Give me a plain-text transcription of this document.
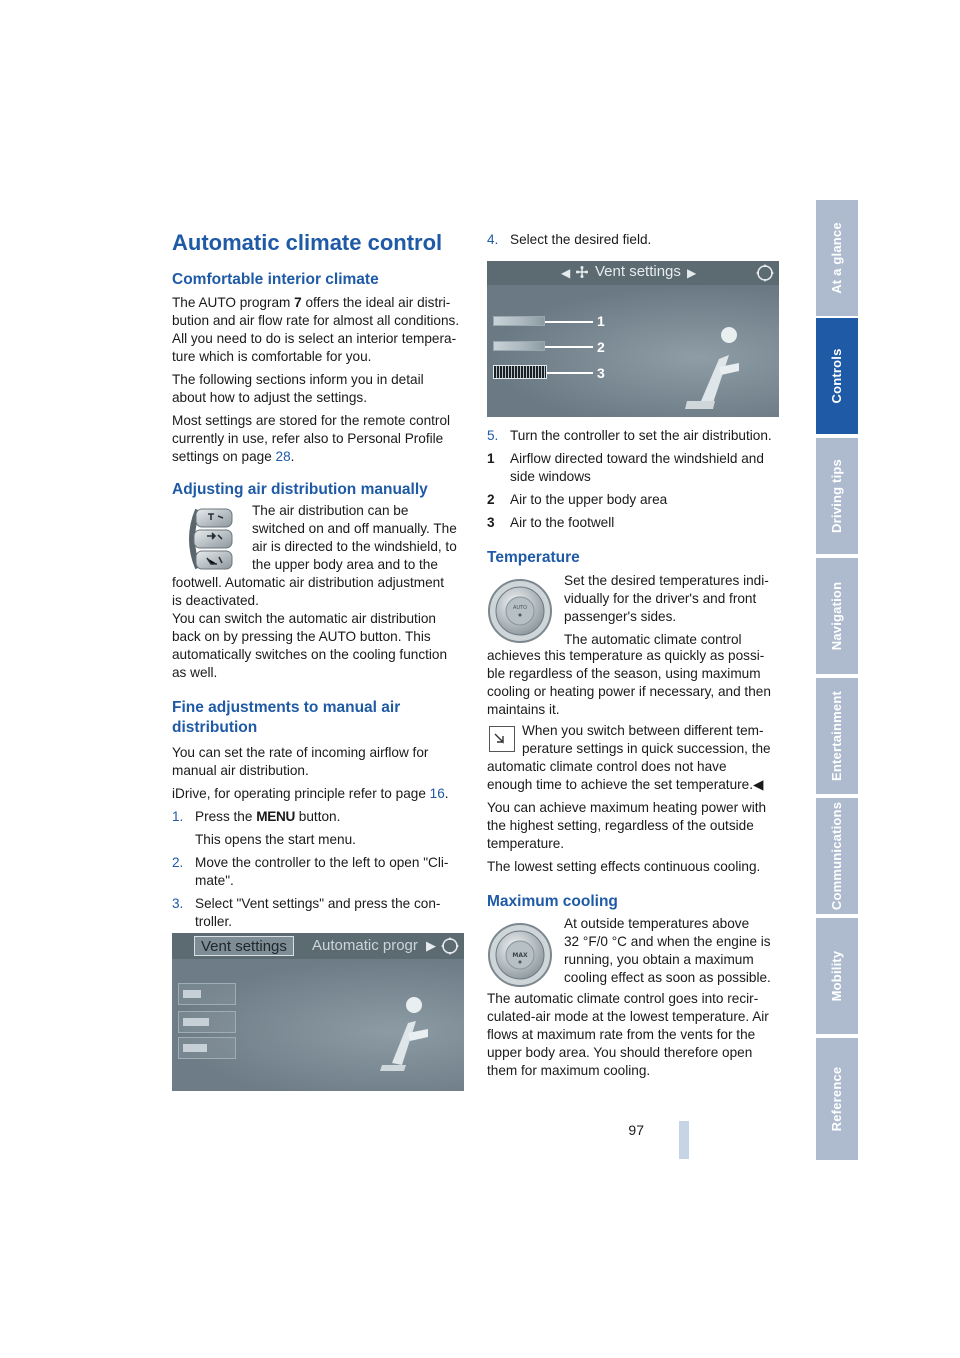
At a glance
Controls
Driving tips
Navigation
Entertainment
Communications
Mobility
Reference
97
Automatic climate control
Comfortable interior climate

The AUTO program 7 offers the ideal air distri-
bution and air flow rate for almost all conditions.
All you need to do is select an interior tempera-
ture which is comfortable for you.

The following sections inform you in detail
about how to adjust the settings.

Most settings are stored for the remote control
currently in use, refer also to Personal Profile
settings on page 28.

Adjusting air distribution manually

The air distribution can be
switched on and off manually. The
air is directed to the windshield, to
the upper body area and to the

footwell. Automatic air distribution adjustment
is deactivated.
You can switch the automatic air distribution
back on by pressing the AUTO button. This
automatically switches on the cooling function
as well.

Fine adjustments to manual air
distribution

You can set the rate of incoming airflow for
manual air distribution.

iDrive, for operating principle refer to page 16.

1. Press the MENU button.
This opens the start menu.
2. Move the controller to the left to open "Cli-
mate".
3. Select "Vent settings" and press the con-
troller.
Vent settings Automatic progr ▶
4. Select the desired field.
◀ Vent settings ▶
1
2
3
5. Turn the controller to set the air distribution.
1 Airflow directed toward the windshield and
side windows
2 Air to the upper body area
3 Air to the footwell
Temperature
AUTO

Set the desired temperatures indi-
vidually for the driver's and front
passenger's sides.

The automatic climate control

achieves this temperature as quickly as possi-
ble regardless of the season, using maximum
cooling or heating power if necessary, and then
maintains it.

When you switch between different tem-
perature settings in quick succession, the

automatic climate control does not have
enough time to achieve the set temperature.◀

You can achieve maximum heating power with
the highest setting, regardless of the outside
temperature.

The lowest setting effects continuous cooling.

Maximum cooling
MAX

At outside temperatures above
32 °F/0 °C and when the engine is
running, you obtain a maximum
cooling effect as soon as possible.

The automatic climate control goes into recir-
culated-air mode at the lowest temperature. Air
flows at maximum rate from the vents for the
upper body area. You should therefore open
them for maximum cooling.
